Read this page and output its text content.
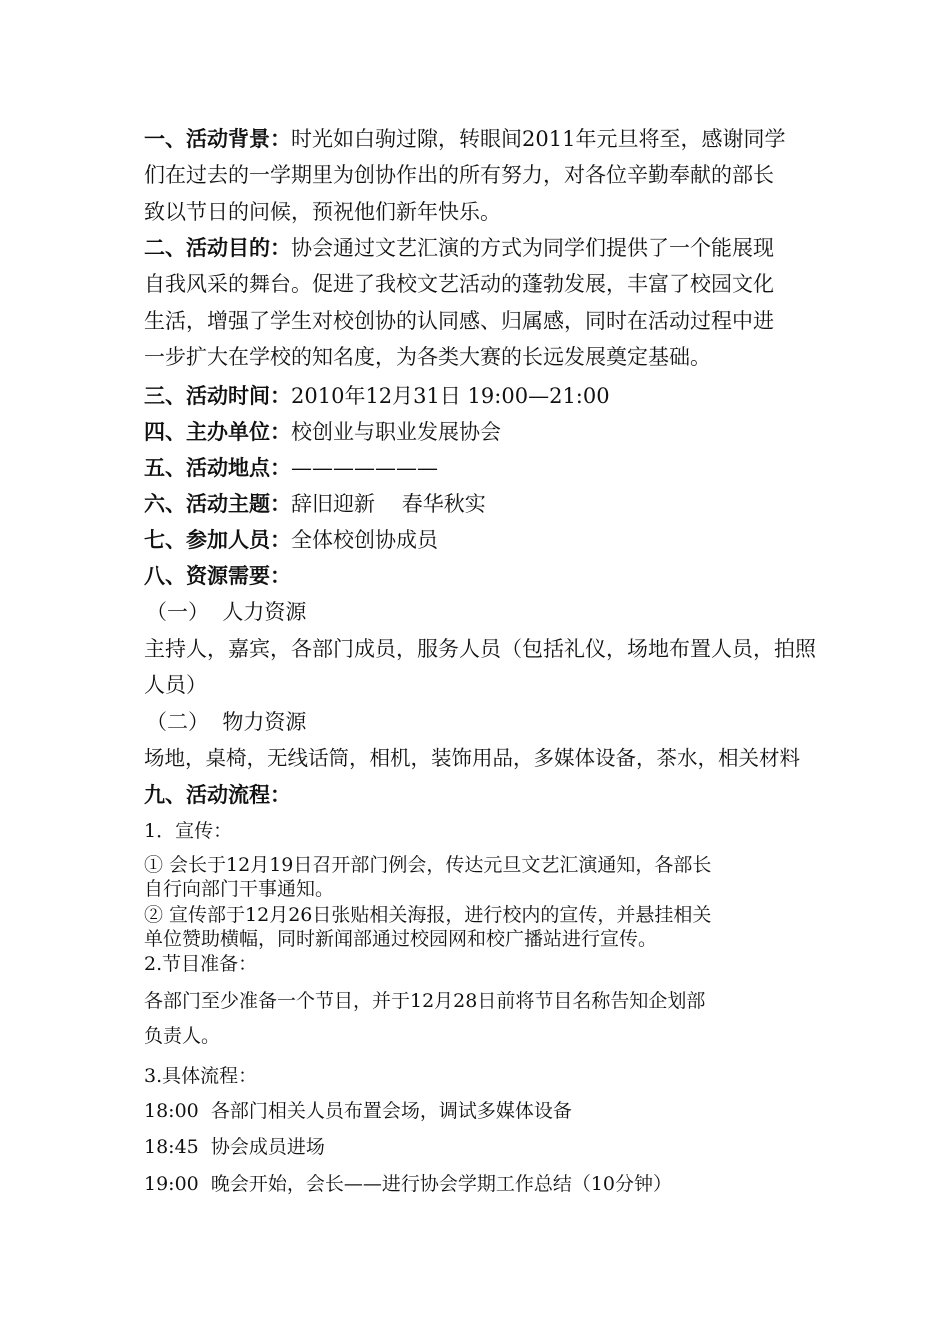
一、活动背景：时光如白驹过隙，转眼间2011年元旦将至，感谢同学
们在过去的一学期里为创协作出的所有努力，对各位辛勤奉献的部长
致以节日的问候，预祝他们新年快乐。
二、活动目的：协会通过文艺汇演的方式为同学们提供了一个能展现
自我风采的舞台。促进了我校文艺活动的蓬勃发展，丰富了校园文化
生活，增强了学生对校创协的认同感、归属感，同时在活动过程中进
一步扩大在学校的知名度，为各类大赛的长远发展奠定基础。
三、活动时间：2010年12月31日 19:00—21:00
四、主办单位：校创业与职业发展协会
五、活动地点：———————
六、活动主题：辞旧迎新    春华秋实
七、参加人员：全体校创协成员
八、资源需要：
（一）  人力资源
主持人，嘉宾，各部门成员，服务人员（包括礼仪，场地布置人员，拍照
人员）
（二）  物力资源
场地，桌椅，无线话筒，相机，装饰用品，多媒体设备，茶水，相关材料
九、活动流程：
1．宣传：
① 会长于12月19日召开部门例会，传达元旦文艺汇演通知，各部长
自行向部门干事通知。
② 宣传部于12月26日张贴相关海报，进行校内的宣传，并悬挂相关
单位赞助横幅，同时新闻部通过校园网和校广播站进行宣传。
2.节目准备：
各部门至少准备一个节目，并于12月28日前将节目名称告知企划部
负责人。
3.具体流程：
18:00  各部门相关人员布置会场，调试多媒体设备
18:45  协会成员进场
19:00  晚会开始，会长——进行协会学期工作总结（10分钟）
